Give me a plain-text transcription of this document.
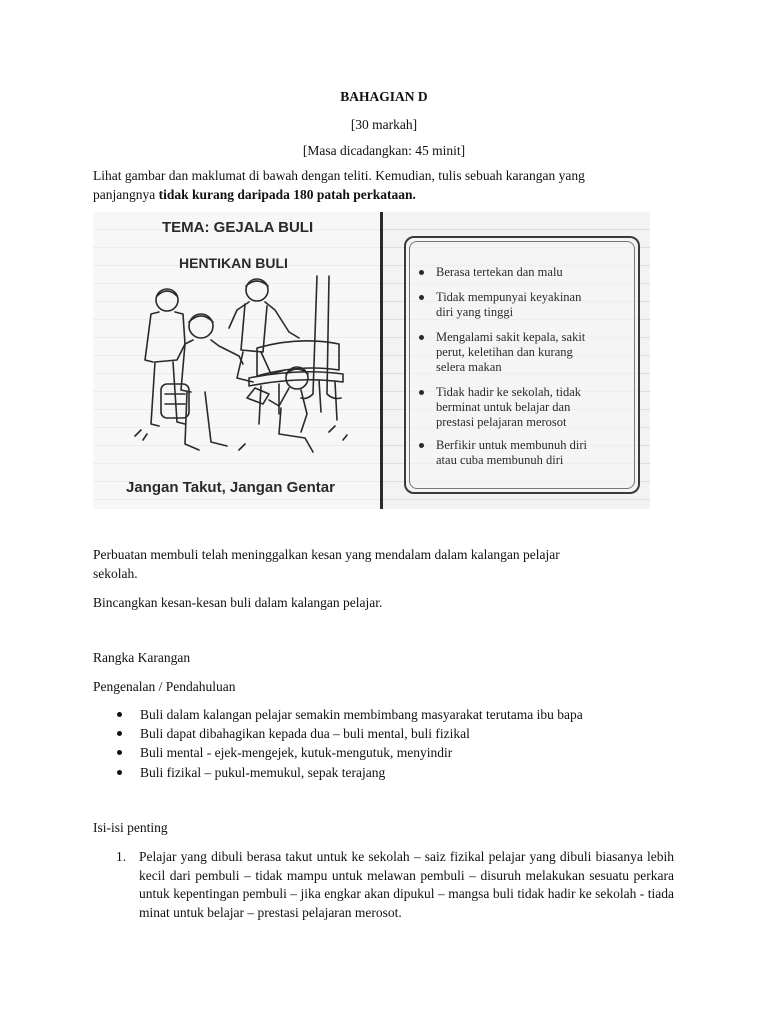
BAHAGIAN D
[30 markah]
[Masa dicadangkan: 45 minit]
Lihat gambar dan maklumat di bawah dengan teliti. Kemudian, tulis sebuah karangan yang
panjangnya tidak kurang daripada 180 patah perkataan.
TEMA: GEJALA BULI
HENTIKAN BULI
Jangan Takut, Jangan Gentar
Berasa tertekan dan malu
Tidak mempunyai keyakinan
diri yang tinggi
Mengalami sakit kepala, sakit
perut, keletihan dan kurang
selera makan
Tidak hadir ke sekolah, tidak
berminat untuk belajar dan
prestasi pelajaran merosot
Berfikir untuk membunuh diri
atau cuba membunuh diri
Perbuatan membuli telah meninggalkan kesan yang mendalam dalam kalangan pelajar
sekolah.
Bincangkan kesan-kesan buli dalam kalangan pelajar.
Rangka Karangan
Pengenalan / Pendahuluan
Buli dalam kalangan pelajar semakin membimbang masyarakat terutama ibu bapa
Buli dapat dibahagikan kepada dua – buli mental, buli fizikal
Buli mental - ejek-mengejek, kutuk-mengutuk, menyindir
Buli fizikal – pukul-memukul, sepak terajang
Isi-isi penting
1. Pelajar yang dibuli berasa takut untuk ke sekolah – saiz fizikal pelajar yang dibuli biasanya lebih kecil dari pembuli – tidak mampu untuk melawan pembuli – disuruh melakukan sesuatu perkara untuk kepentingan pembuli – jika engkar akan dipukul – mangsa buli tidak hadir ke sekolah - tiada minat untuk belajar – prestasi pelajaran merosot.
